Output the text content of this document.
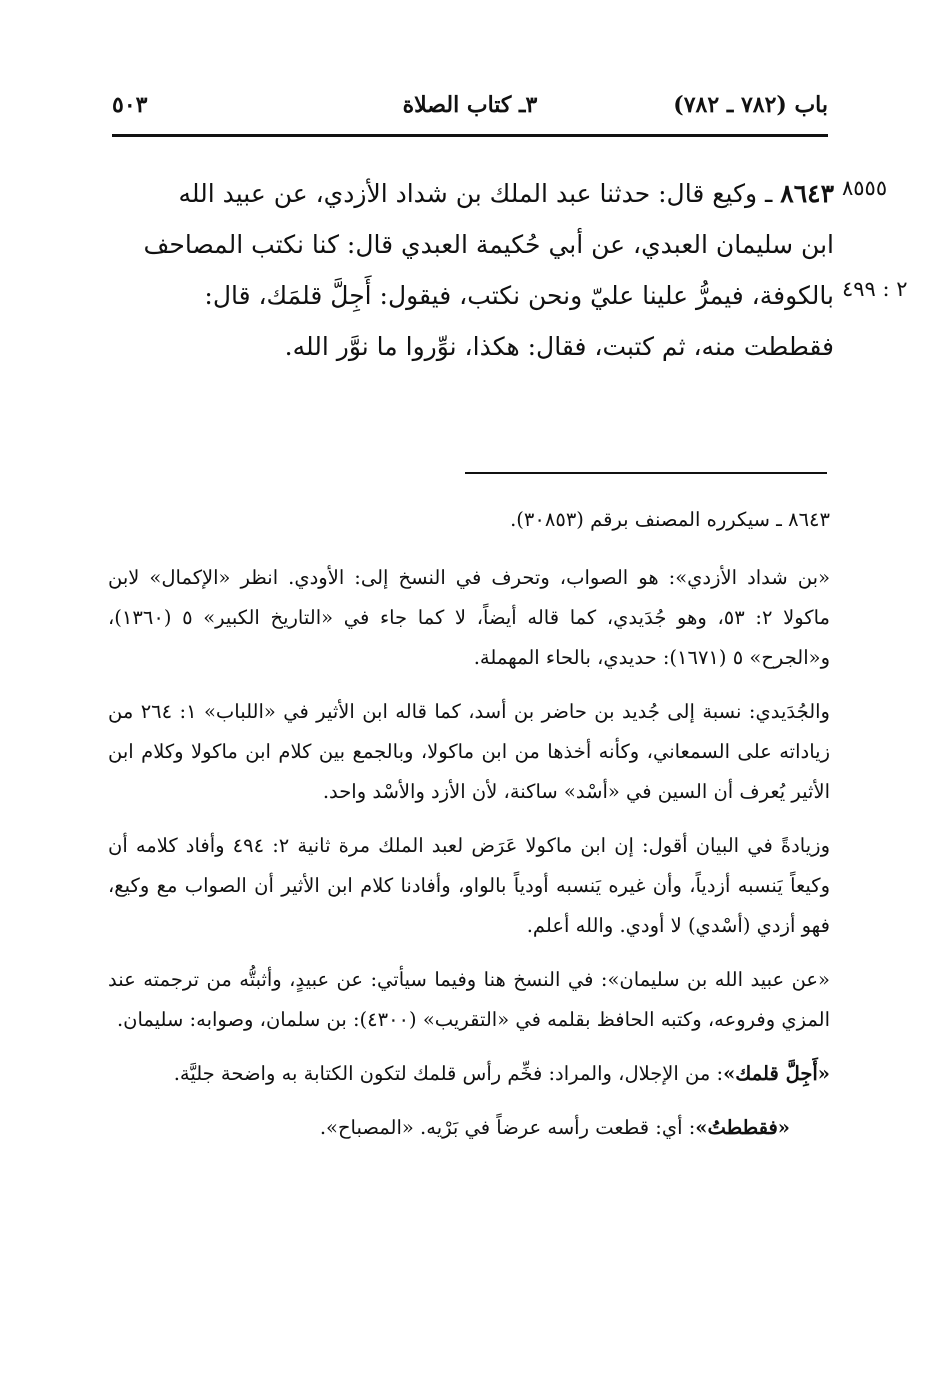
باب (٧٨٢ ـ ٧٨٢)
٣ـ كتاب الصلاة
٥٠٣
٨٥٥٥
٢ : ٤٩٩
٨٦٤٣ ـ وكيع قال: حدثنا عبد الملك بن شداد الأزدي، عن عبيد الله
ابن سليمان العبدي، عن أبي حُكيمة العبدي قال: كنا نكتب المصاحف
بالكوفة، فيمرُّ علينا عليّ ونحن نكتب، فيقول: أَجِلَّ قلمَك، قال:
فقططت منه، ثم كتبت، فقال: هكذا، نوِّروا ما نوَّر الله.

٨٦٤٣ ـ سيكرره المصنف برقم (٣٠٨٥٣).

«بن شداد الأزدي»: هو الصواب، وتحرف في النسخ إلى: الأودي. انظر «الإكمال» لابن ماكولا ٢: ٥٣، وهو جُدَيدي، كما قاله أيضاً، لا كما جاء في «التاريخ الكبير» ٥ (١٣٦٠)، و«الجرح» ٥ (١٦٧١): حديدي، بالحاء المهملة.

والجُدَيدي: نسبة إلى جُديد بن حاضر بن أسد، كما قاله ابن الأثير في «اللباب» ١: ٢٦٤ من زياداته على السمعاني، وكأنه أخذها من ابن ماكولا، وبالجمع بين كلام ابن ماكولا وكلام ابن الأثير يُعرف أن السين في «أسْد» ساكنة، لأن الأزد والأسْد واحد.

وزيادةً في البيان أقول: إن ابن ماكولا عَرَض لعبد الملك مرة ثانية ٢: ٤٩٤ وأفاد كلامه أن وكيعاً يَنسبه أزدياً، وأن غيره يَنسبه أودياً بالواو، وأفادنا كلام ابن الأثير أن الصواب مع وكيع، فهو أزدي (أسْدي) لا أودي. والله أعلم.

«عن عبيد الله بن سليمان»: في النسخ هنا وفيما سيأتي: عن عبيدٍ، وأثبتُّه من ترجمته عند المزي وفروعه، وكتبه الحافظ بقلمه في «التقريب» (٤٣٠٠): بن سلمان، وصوابه: سليمان.

«أَجِلَّ قلمك»: من الإجلال، والمراد: فخِّم رأس قلمك لتكون الكتابة به واضحة جليَّة.

«فقططتُ»: أي: قطعت رأسه عرضاً في بَرْيه. «المصباح».
